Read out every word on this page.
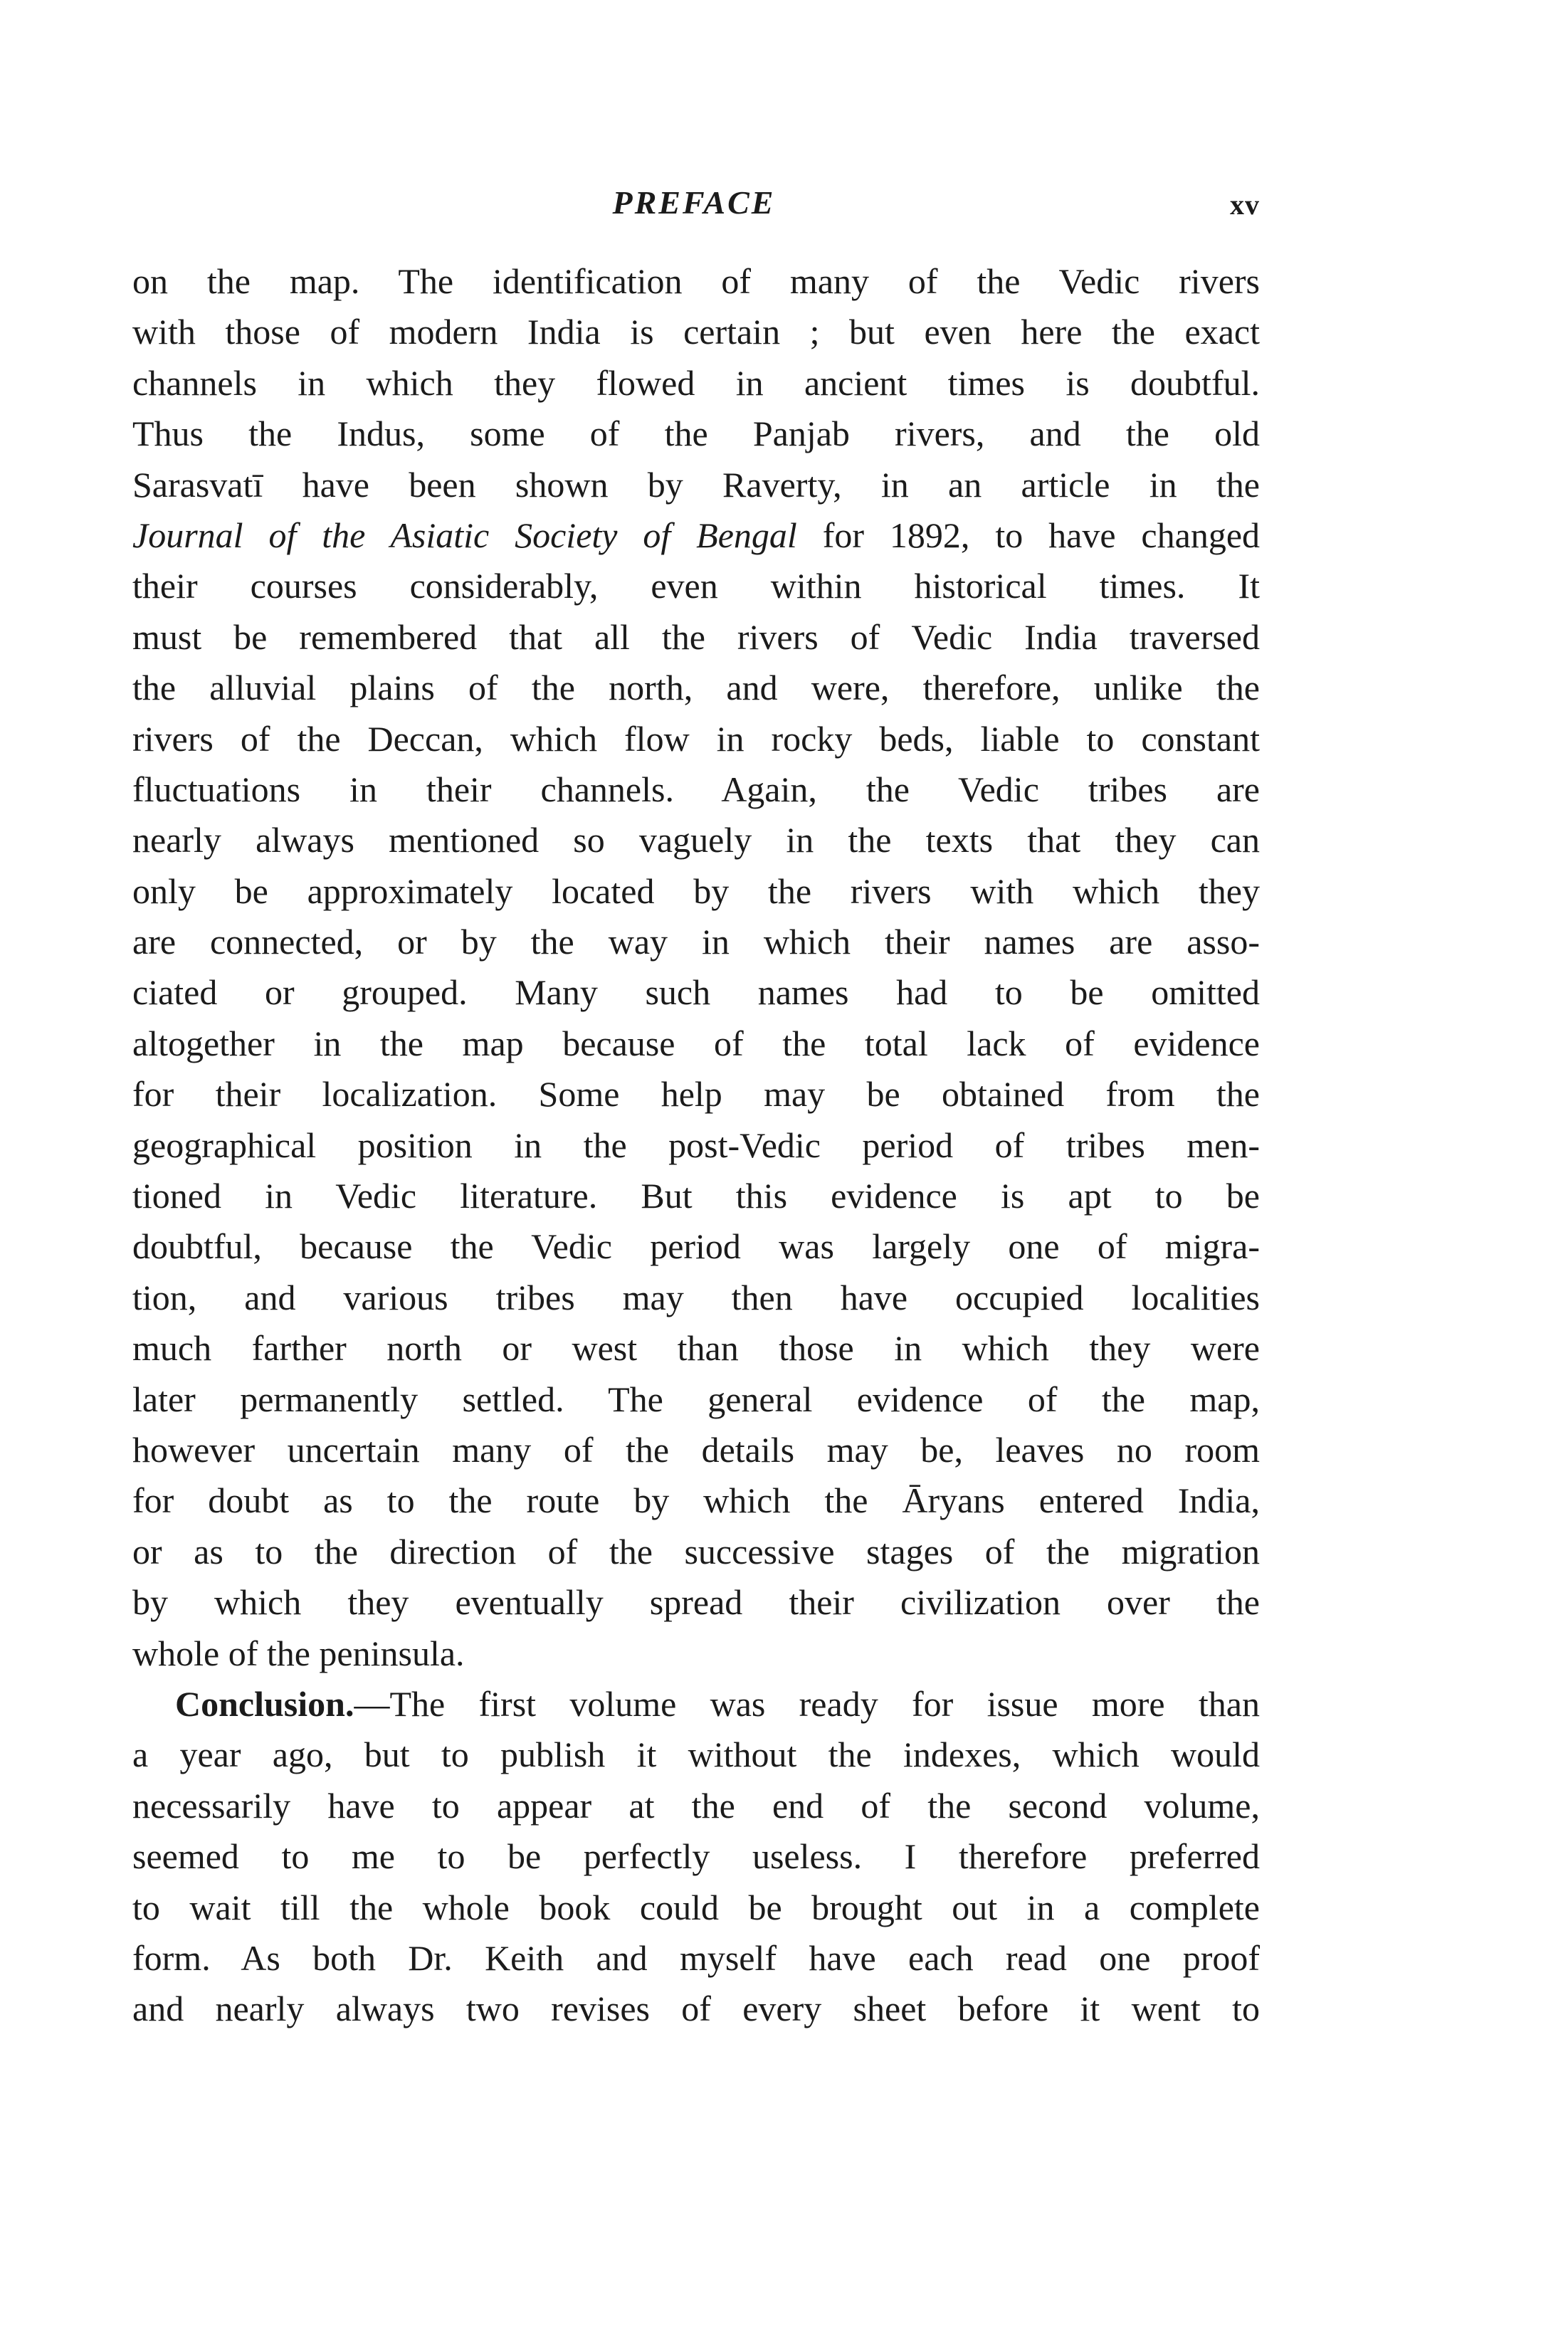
PREFACE	xv
on the map. The identification of many of the Vedic rivers
with those of modern India is certain ; but even here the exact
channels in which they flowed in ancient times is doubtful.
Thus the Indus, some of the Panjab rivers, and the old
Sarasvatī have been shown by Raverty, in an article in the
Journal of the Asiatic Society of Bengal for 1892, to have changed
their courses considerably, even within historical times. It
must be remembered that all the rivers of Vedic India traversed
the alluvial plains of the north, and were, therefore, unlike the
rivers of the Deccan, which flow in rocky beds, liable to constant
fluctuations in their channels. Again, the Vedic tribes are
nearly always mentioned so vaguely in the texts that they can
only be approximately located by the rivers with which they
are connected, or by the way in which their names are asso-
ciated or grouped. Many such names had to be omitted
altogether in the map because of the total lack of evidence
for their localization. Some help may be obtained from the
geographical position in the post-Vedic period of tribes men-
tioned in Vedic literature. But this evidence is apt to be
doubtful, because the Vedic period was largely one of migra-
tion, and various tribes may then have occupied localities
much farther north or west than those in which they were
later permanently settled. The general evidence of the map,
however uncertain many of the details may be, leaves no room
for doubt as to the route by which the Āryans entered India,
or as to the direction of the successive stages of the migration
by which they eventually spread their civilization over the
whole of the peninsula.
Conclusion.—The first volume was ready for issue more than
a year ago, but to publish it without the indexes, which would
necessarily have to appear at the end of the second volume,
seemed to me to be perfectly useless. I therefore preferred
to wait till the whole book could be brought out in a complete
form. As both Dr. Keith and myself have each read one proof
and nearly always two revises of every sheet before it went to
